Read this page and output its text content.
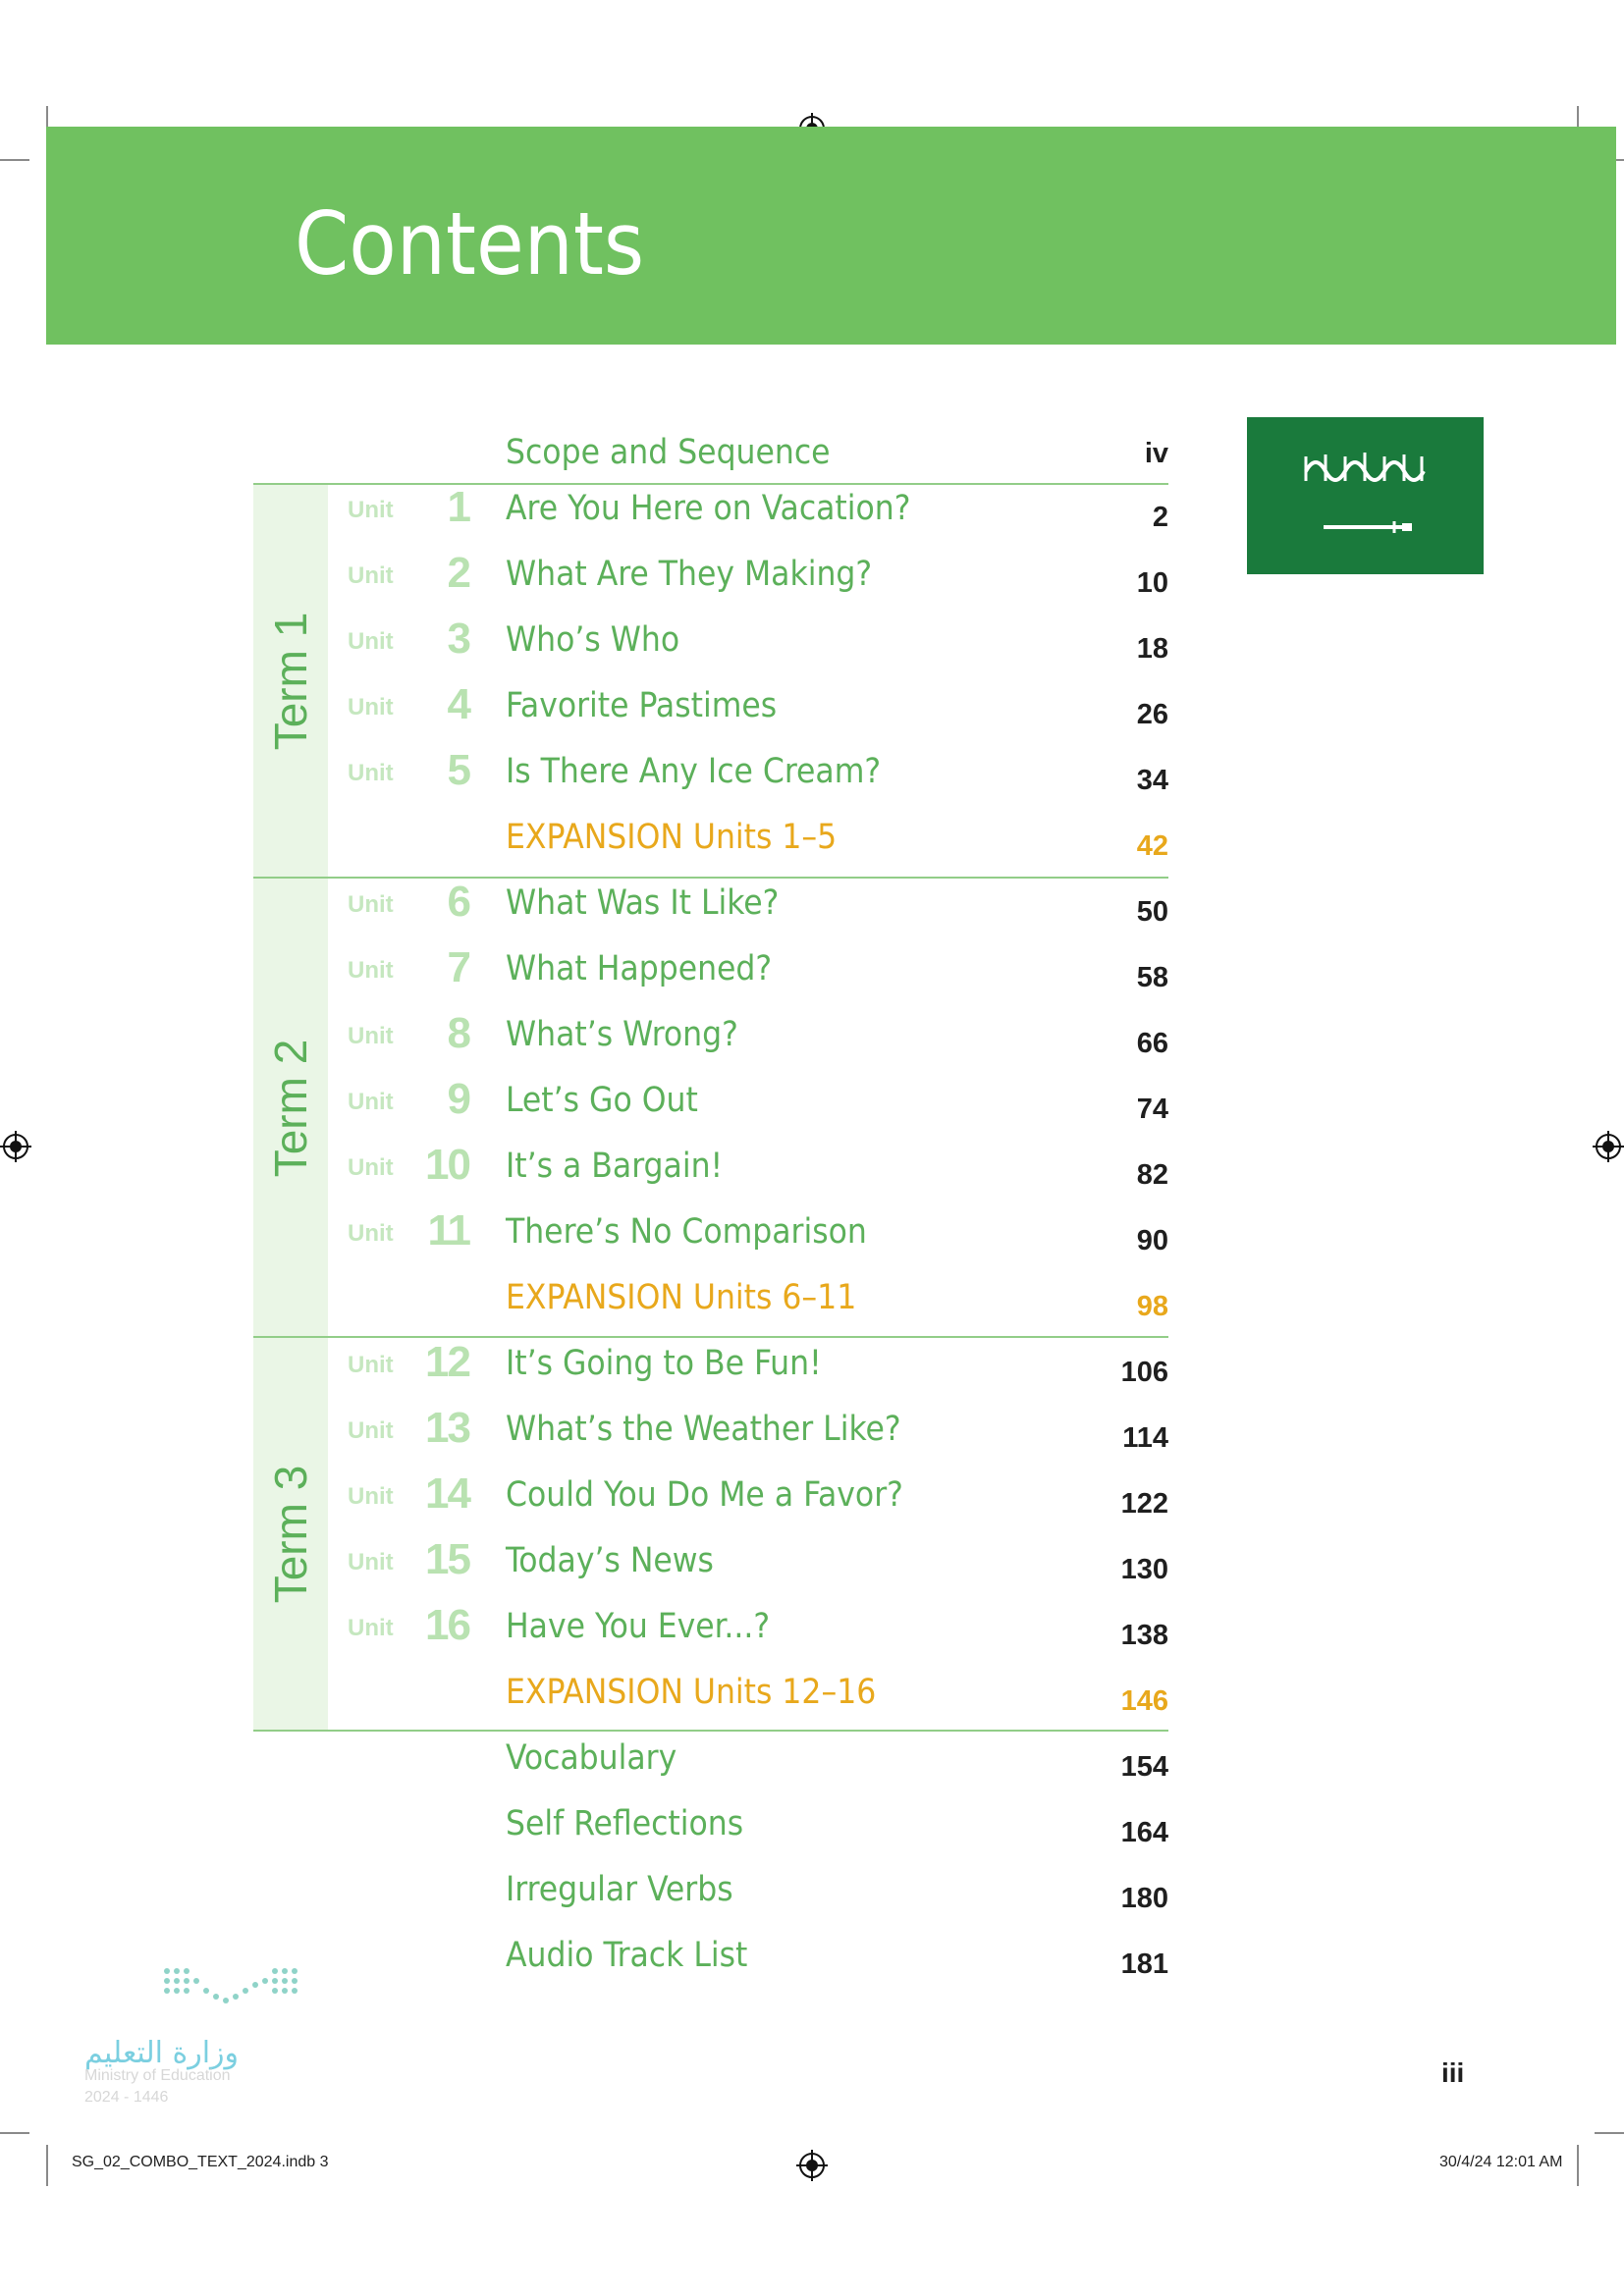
Contents
Term 1
Term 2
Term 3
Scope and Sequence	iv
Unit 1 Are You Here on Vacation?	2
Unit 2 What Are They Making?	10
Unit 3 Who’s Who	18
Unit 4 Favorite Pastimes	26
Unit 5 Is There Any Ice Cream?	34
EXPANSION Units 1–5	42
Unit 6 What Was It Like?	50
Unit 7 What Happened?	58
Unit 8 What’s Wrong?	66
Unit 9 Let’s Go Out	74
Unit 10 It’s a Bargain!	82
Unit 11 There’s No Comparison	90
EXPANSION Units 6–11	98
Unit 12 It’s Going to Be Fun!	106
Unit 13 What’s the Weather Like?	114
Unit 14 Could You Do Me a Favor?	122
Unit 15 Today’s News	130
Unit 16 Have You Ever...?	138
EXPANSION Units 12–16	146
Vocabulary	154
Self Reflections	164
Irregular Verbs	180
Audio Track List	181
وزارة التعليم
Ministry of Education
2024 - 1446
iii
SG_02_COMBO_TEXT_2024.indb 3	30/4/24 12:01 AM
